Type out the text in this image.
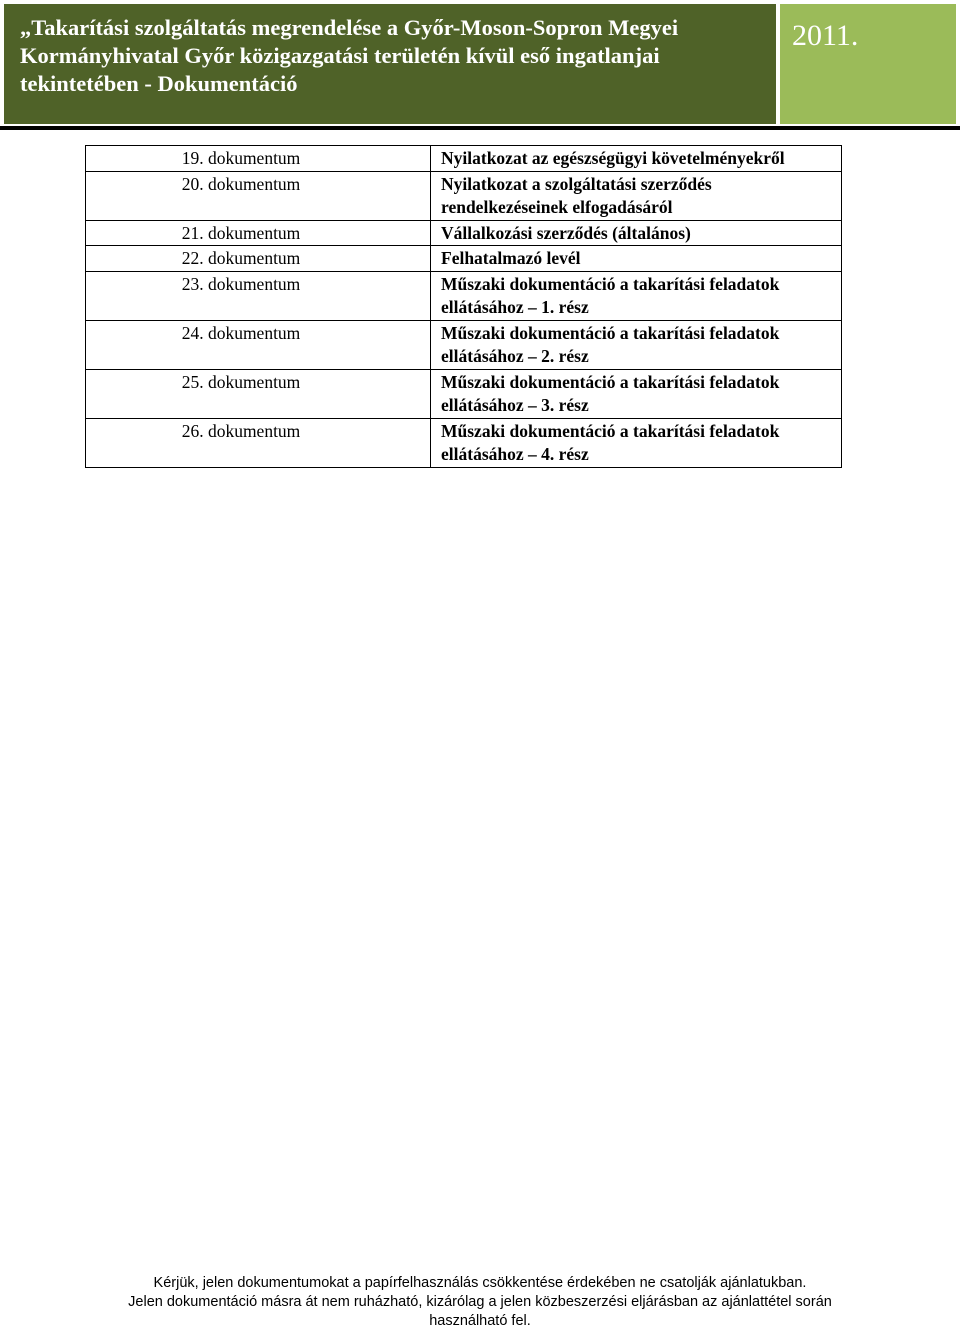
„Takarítási szolgáltatás megrendelése a Győr-Moson-Sopron Megyei
Kormányhivatal Győr közigazgatási területén kívül eső ingatlanjai
tekintetében - Dokumentáció

2011.
19. dokumentum	Nyilatkozat az egészségügyi követelményekről
20. dokumentum	Nyilatkozat a szolgáltatási szerződés
rendelkezéseinek elfogadásáról
21. dokumentum	Vállalkozási szerződés (általános)
22. dokumentum	Felhatalmazó levél
23. dokumentum	Műszaki dokumentáció a takarítási feladatok
ellátásához – 1. rész
24. dokumentum	Műszaki dokumentáció a takarítási feladatok
ellátásához – 2. rész
25. dokumentum	Műszaki dokumentáció a takarítási feladatok
ellátásához – 3. rész
26. dokumentum	Műszaki dokumentáció a takarítási feladatok
ellátásához – 4. rész

Kérjük, jelen dokumentumokat a papírfelhasználás csökkentése érdekében ne csatolják ajánlatukban.

Jelen dokumentáció másra át nem ruházható, kizárólag a jelen közbeszerzési eljárásban az ajánlattétel során

használható fel.
